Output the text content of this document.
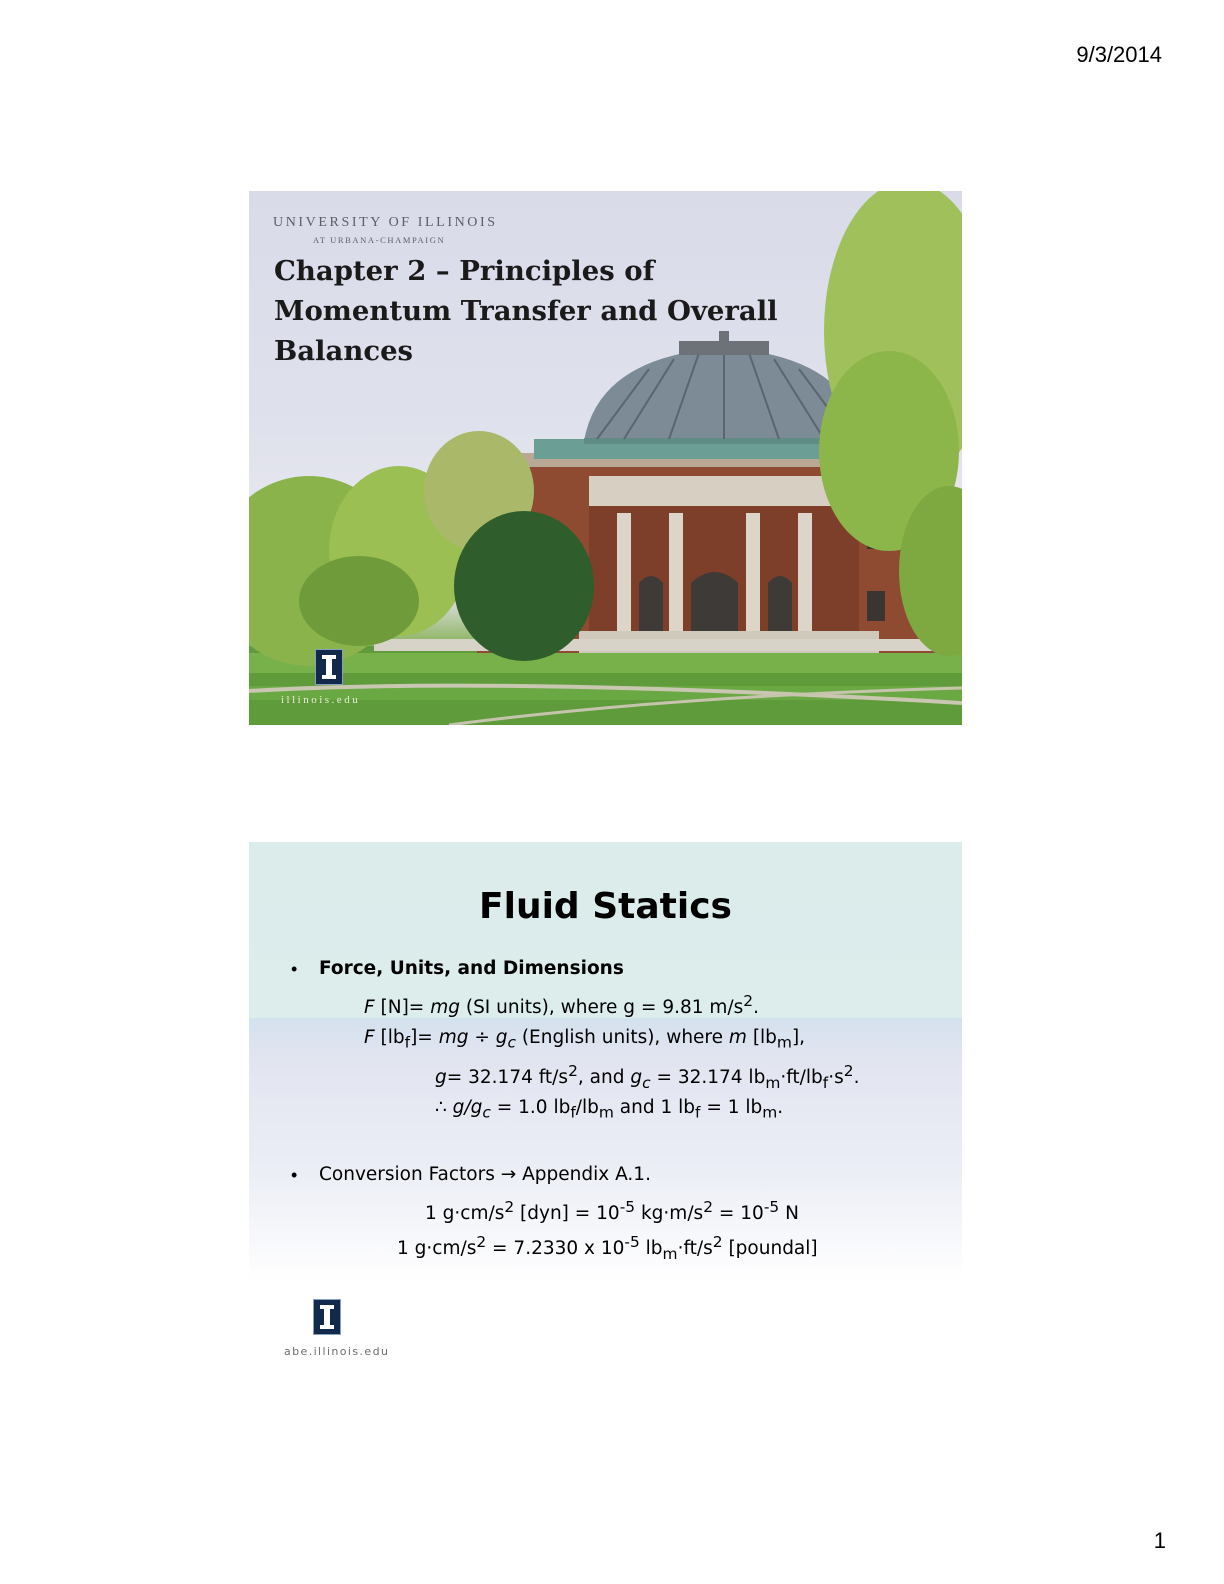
9/3/2014
UNIVERSITY OF ILLINOIS
AT URBANA-CHAMPAIGN
Chapter 2 – Principles of Momentum Transfer and Overall Balances
illinois.edu
Fluid Statics
• Force, Units, and Dimensions
F [N]= mg (SI units), where g = 9.81 $m/s^2$.
F $[lb_f]=$ mg ÷ $g_c$ (English units), where m $[lb_m]$,
g= 32.174 $ft/s^2$, and $g_c = 32.174$ $lb_m\cdot ft/lb_f\cdot s^2$.
∴ $g/g_c = 1.0$ $lb_f/lb_m$ and 1 $lb_f = 1$ $lb_m$.
• Conversion Factors → Appendix A.1.
1 $g\cdot cm/s^2$ $[dyn] = 10^{-5}$ $kg\cdot m/s^2 = 10^{-5}$ N
1 $g\cdot cm/s^2 = 7.2330$ x $10^{-5}$ $lb_m\cdot ft/s^2$ [poundal]
abe.illinois.edu
1
